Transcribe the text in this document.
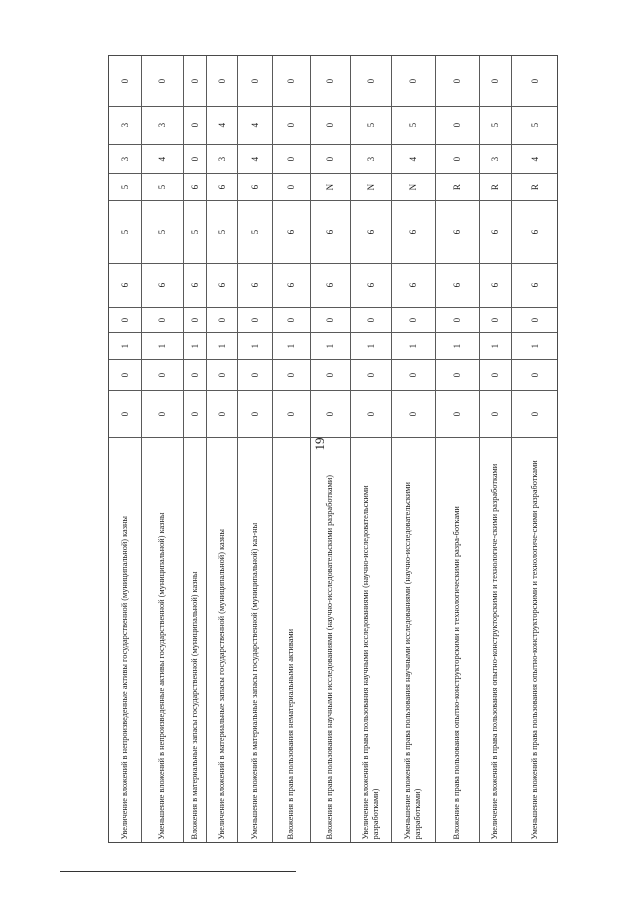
19
Увеличение вложений в непроизведенные активы государственной (муниципальной) казны
0
0
1
0
6
5
5
3
3
0
Уменьшение вложений в непроизведенные активы государственной (муниципальной) казны
0
0
1
0
6
5
5
4
3
0
Вложения в материальные запасы государственной (муниципальной) казны
0
0
1
0
6
5
6
0
0
0
Увеличение вложений в материальные запасы государственной (муниципальной) казны
0
0
1
0
6
5
6
3
4
0
Уменьшение вложений в материальные запасы государственной (муниципальной) каз-ны
0
0
1
0
6
5
6
4
4
0
Вложения в права пользования нематериальными активами
0
0
1
0
6
6
0
0
0
0
Вложения в права пользования научными исследованиями (научно-исследовательскими разработками)
0
0
1
0
6
6
N
0
0
0
Увеличение вложений в права пользования научными исследованиями (научно-исследовательскими разработками)
0
0
1
0
6
6
N
3
5
0
Уменьшение вложений в права пользования научными исследованиями (научно-исследовательскими разработками)
0
0
1
0
6
6
N
4
5
0
Вложение в права пользования опытно-конструкторскими и технологическими разра-ботками
0
0
1
0
6
6
R
0
0
0
Увеличение вложений в права пользования опытно-конструкторскими и технологиче-скими разработками
0
0
1
0
6
6
R
3
5
0
Уменьшение вложений в права пользования опытно-конструкторскими и технологиче-скими разработками
0
0
1
0
6
6
R
4
5
0
